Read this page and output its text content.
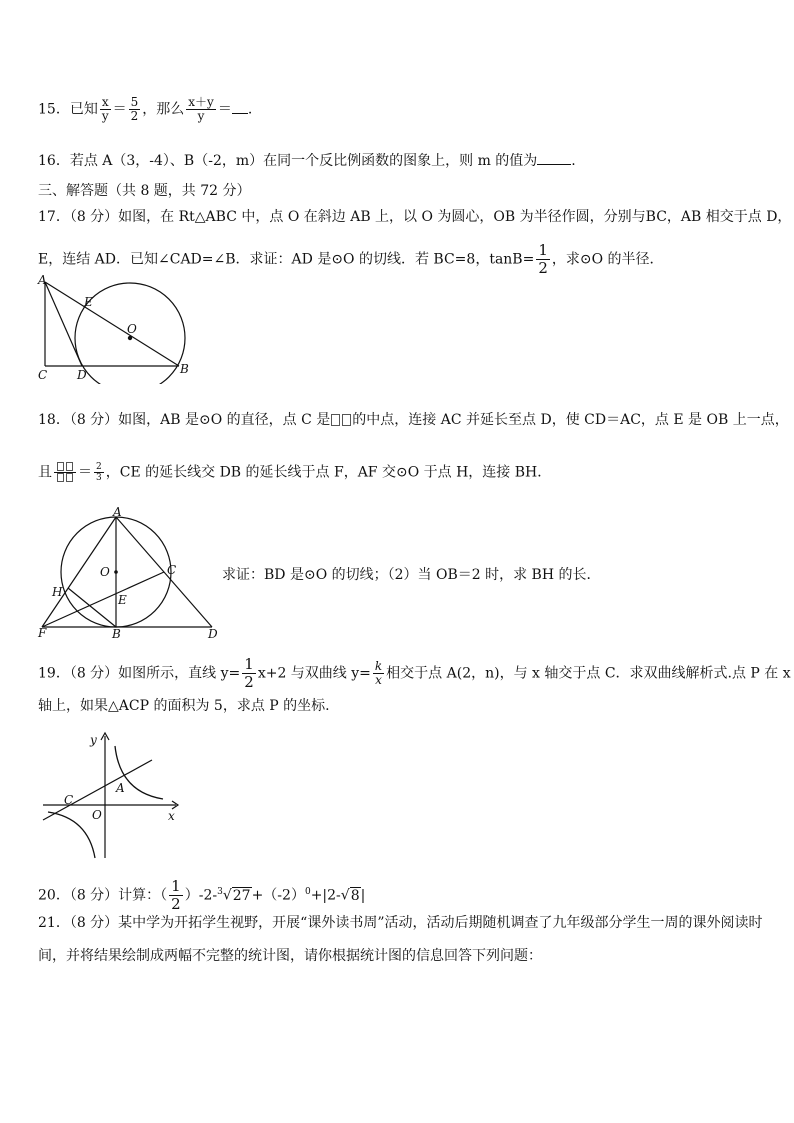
15．已知 $\frac{x}{y} = \frac{5}{2}$ ，那么 $\frac{x+y}{y}$ ＝ .
16．若点 A（3，-4）、B（-2，m）在同一个反比例函数的图象上，则 m 的值为 .
三、解答题（共 8 题，共 72 分）
17．（8 分）如图，在 Rt△ABC 中，点 O 在斜边 AB 上，以 O 为圆心，OB 为半径作圆，分别与BC，AB 相交于点 D，
E，连结 AD．已知∠CAD=∠B．求证：AD 是⊙O 的切线．若 BC=8，$\tan B= \frac{1}{2}$ ，求⊙O 的半径．
A
E
O
C D	B
18．（8 分）如图，AB 是⊙O 的直径，点 C 是 的中点，连接 AC 并延长至点 D，使 CD＝AC，点 E 是 OB 上一点，
且 ＝ $\frac{2}{3}$ ，CE 的延长线交 DB 的延长线于点 F，AF 交⊙O 于点 H，连接 BH．
A
O	C
H
E
F	B	D
求证：BD 是⊙O 的切线；（2）当 OB＝2 时，求 BH 的长．
19．（8 分）如图所示，直线 $y= \frac{1}{2} x+2$ 与双曲线 $y= \frac{k}{x}$ 相交于点 A(2，n)，与 x 轴交于点 C．求双曲线解析式.点 P 在 x
轴上，如果△ACP 的面积为 5，求点 P 的坐标.
y
x
C
O
A
20．（8 分）计算：（ $\frac{1}{2} )-2-^3√27+(-2)^0+|2-√8|$
21．（8 分）某中学为开拓学生视野，开展“课外读书周”活动，活动后期随机调查了九年级部分学生一周的课外阅读时
间，并将结果绘制成两幅不完整的统计图，请你根据统计图的信息回答下列问题：
